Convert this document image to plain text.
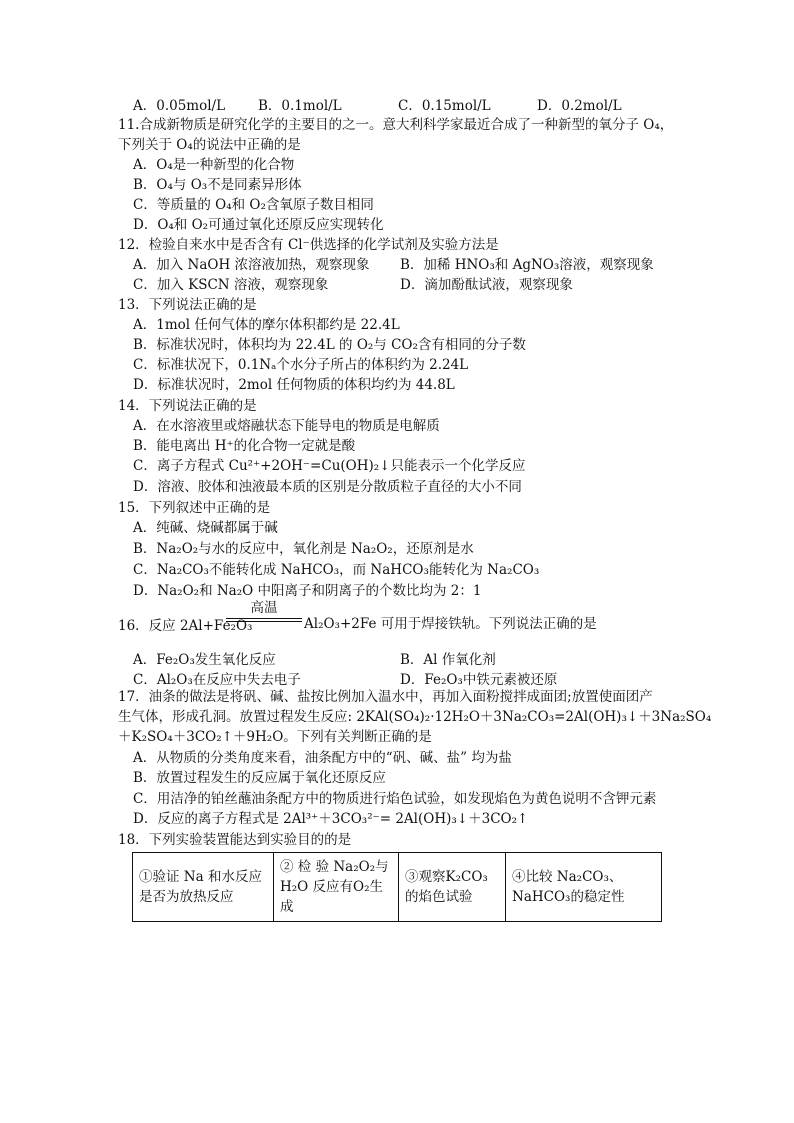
A．0.05mol/L B．0.1mol/L	C．0.15mol/L	D．0.2mol/L
11.合成新物质是研究化学的主要目的之一。意大利科学家最近合成了一种新型的氧分子 O₄，
下列关于 O₄的说法中正确的是
A．O₄是一种新型的化合物
B．O₄与 O₃不是同素异形体
C．等质量的 O₄和 O₂含氧原子数目相同
D．O₄和 O₂可通过氧化还原反应实现转化
12．检验自来水中是否含有 Cl⁻供选择的化学试剂及实验方法是
A．加入 NaOH 浓溶液加热，观察现象 B．加稀 HNO₃和 AgNO₃溶液，观察现象
C．加入 KSCN 溶液，观察现象	D．滴加酚酞试液，观察现象
13．下列说法正确的是
A．1mol 任何气体的摩尔体积都约是 22.4L
B．标准状况时，体积均为 22.4L 的 O₂与 CO₂含有相同的分子数
C．标准状况下，0.1Nₐ个水分子所占的体积约为 2.24L
D．标准状况时，2mol 任何物质的体积均约为 44.8L
14．下列说法正确的是
A．在水溶液里或熔融状态下能导电的物质是电解质
B．能电离出 H⁺的化合物一定就是酸
C．离子方程式 Cu²⁺+2OH⁻=Cu(OH)₂↓只能表示一个化学反应
D．溶液、胶体和浊液最本质的区别是分散质粒子直径的大小不同
15．下列叙述中正确的是
A．纯碱、烧碱都属于碱
B．Na₂O₂与水的反应中，氧化剂是 Na₂O₂，还原剂是水
C．Na₂CO₃不能转化成 NaHCO₃，而 NaHCO₃能转化为 Na₂CO₃
D．Na₂O₂和 Na₂O 中阳离子和阴离子的个数比均为 2：1
16．反应 2Al+Fe₂O₃
高温
Al₂O₃+2Fe 可用于焊接铁轨。下列说法正确的是
A．Fe₂O₃发生氧化反应	B．Al 作氧化剂
C．Al₂O₃在反应中失去电子	D．Fe₂O₃中铁元素被还原
17．油条的做法是将矾、碱、盐按比例加入温水中，再加入面粉搅拌成面团;放置使面团产
生气体，形成孔洞。放置过程发生反应: 2KAl(SO₄)₂·12H₂O＋3Na₂CO₃=2Al(OH)₃↓＋3Na₂SO₄
＋K₂SO₄＋3CO₂↑＋9H₂O。下列有关判断正确的是
A．从物质的分类角度来看，油条配方中的“矾、碱、盐” 均为盐
B．放置过程发生的反应属于氧化还原反应
C．用洁净的铂丝蘸油条配方中的物质进行焰色试验，如发现焰色为黄色说明不含钾元素
D．反应的离子方程式是 2Al³⁺＋3CO₃²⁻= 2Al(OH)₃↓＋3CO₂↑
18．下列实验装置能达到实验目的的是
①验证 Na 和水反应是否为放热反应	② 检 验 Na₂O₂与 H₂O 反应有O₂生成	③观察K₂CO₃ 的焰色试验	④比较 Na₂CO₃、NaHCO₃的稳定性
